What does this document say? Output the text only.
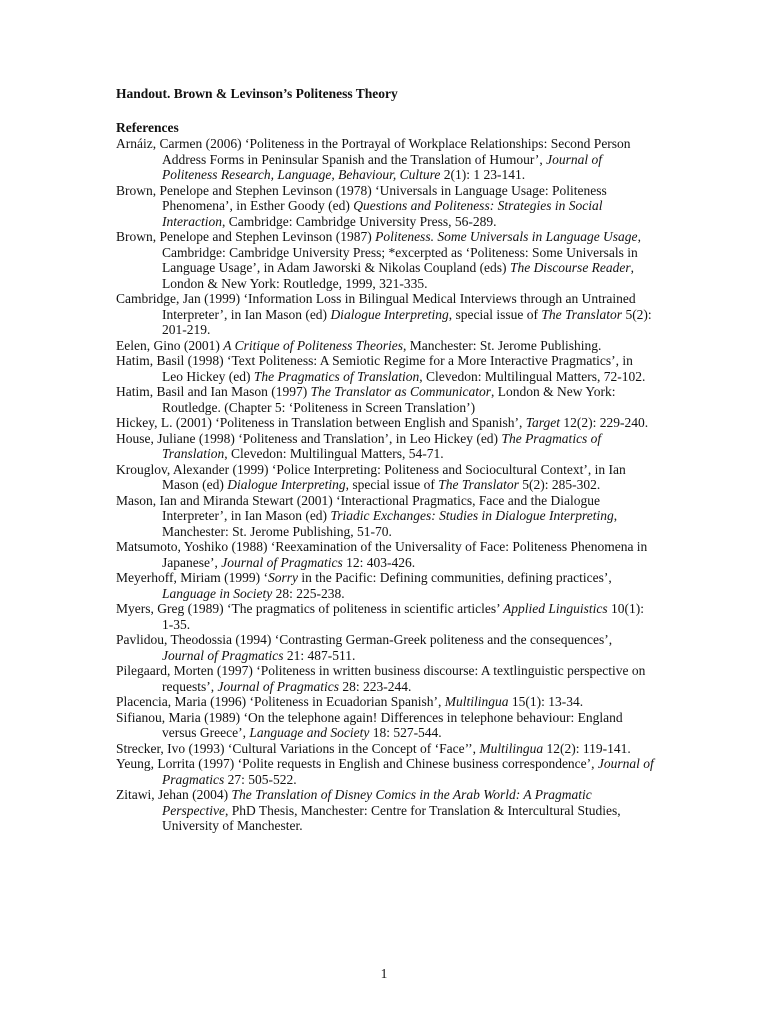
Handout. Brown & Levinson’s Politeness Theory

References

Arnáiz, Carmen (2006) ‘Politeness in the Portrayal of Workplace Relationships: Second Person Address Forms in Peninsular Spanish and the Translation of Humour’, Journal of Politeness Research, Language, Behaviour, Culture 2(1): 1 23-141.
Brown, Penelope and Stephen Levinson (1978) ‘Universals in Language Usage: Politeness Phenomena’, in Esther Goody (ed) Questions and Politeness: Strategies in Social Interaction, Cambridge: Cambridge University Press, 56-289.
Brown, Penelope and Stephen Levinson (1987) Politeness. Some Universals in Language Usage, Cambridge: Cambridge University Press; *excerpted as ‘Politeness: Some Universals in Language Usage’, in Adam Jaworski & Nikolas Coupland (eds) The Discourse Reader, London & New York: Routledge, 1999, 321-335.
Cambridge, Jan (1999) ‘Information Loss in Bilingual Medical Interviews through an Untrained Interpreter’, in Ian Mason (ed) Dialogue Interpreting, special issue of The Translator 5(2): 201-219.
Eelen, Gino (2001) A Critique of Politeness Theories, Manchester: St. Jerome Publishing.
Hatim, Basil (1998) ‘Text Politeness: A Semiotic Regime for a More Interactive Pragmatics’, in Leo Hickey (ed) The Pragmatics of Translation, Clevedon: Multilingual Matters, 72-102.
Hatim, Basil and Ian Mason (1997) The Translator as Communicator, London & New York: Routledge. (Chapter 5: ‘Politeness in Screen Translation’)
Hickey, L. (2001) ‘Politeness in Translation between English and Spanish’, Target 12(2): 229-240.
House, Juliane (1998) ‘Politeness and Translation’, in Leo Hickey (ed) The Pragmatics of Translation, Clevedon: Multilingual Matters, 54-71.
Krouglov, Alexander (1999) ‘Police Interpreting: Politeness and Sociocultural Context’, in Ian Mason (ed) Dialogue Interpreting, special issue of The Translator 5(2): 285-302.
Mason, Ian and Miranda Stewart (2001) ‘Interactional Pragmatics, Face and the Dialogue Interpreter’, in Ian Mason (ed) Triadic Exchanges: Studies in Dialogue Interpreting, Manchester: St. Jerome Publishing, 51-70.
Matsumoto, Yoshiko (1988) ‘Reexamination of the Universality of Face: Politeness Phenomena in Japanese’, Journal of Pragmatics 12: 403-426.
Meyerhoff, Miriam (1999) ‘Sorry in the Pacific: Defining communities, defining practices’, Language in Society 28: 225-238.
Myers, Greg (1989) ‘The pragmatics of politeness in scientific articles’ Applied Linguistics 10(1): 1-35.
Pavlidou, Theodossia (1994) ‘Contrasting German-Greek politeness and the consequences’, Journal of Pragmatics 21: 487-511.
Pilegaard, Morten (1997) ‘Politeness in written business discourse: A textlinguistic perspective on requests’, Journal of Pragmatics 28: 223-244.
Placencia, Maria (1996) ‘Politeness in Ecuadorian Spanish’, Multilingua 15(1): 13-34.
Sifianou, Maria (1989) ‘On the telephone again! Differences in telephone behaviour: England versus Greece’, Language and Society 18: 527-544.
Strecker, Ivo (1993) ‘Cultural Variations in the Concept of ‘Face’’, Multilingua 12(2): 119-141.
Yeung, Lorrita (1997) ‘Polite requests in English and Chinese business correspondence’, Journal of Pragmatics 27: 505-522.
Zitawi, Jehan (2004) The Translation of Disney Comics in the Arab World: A Pragmatic Perspective, PhD Thesis, Manchester: Centre for Translation & Intercultural Studies, University of Manchester.
1
